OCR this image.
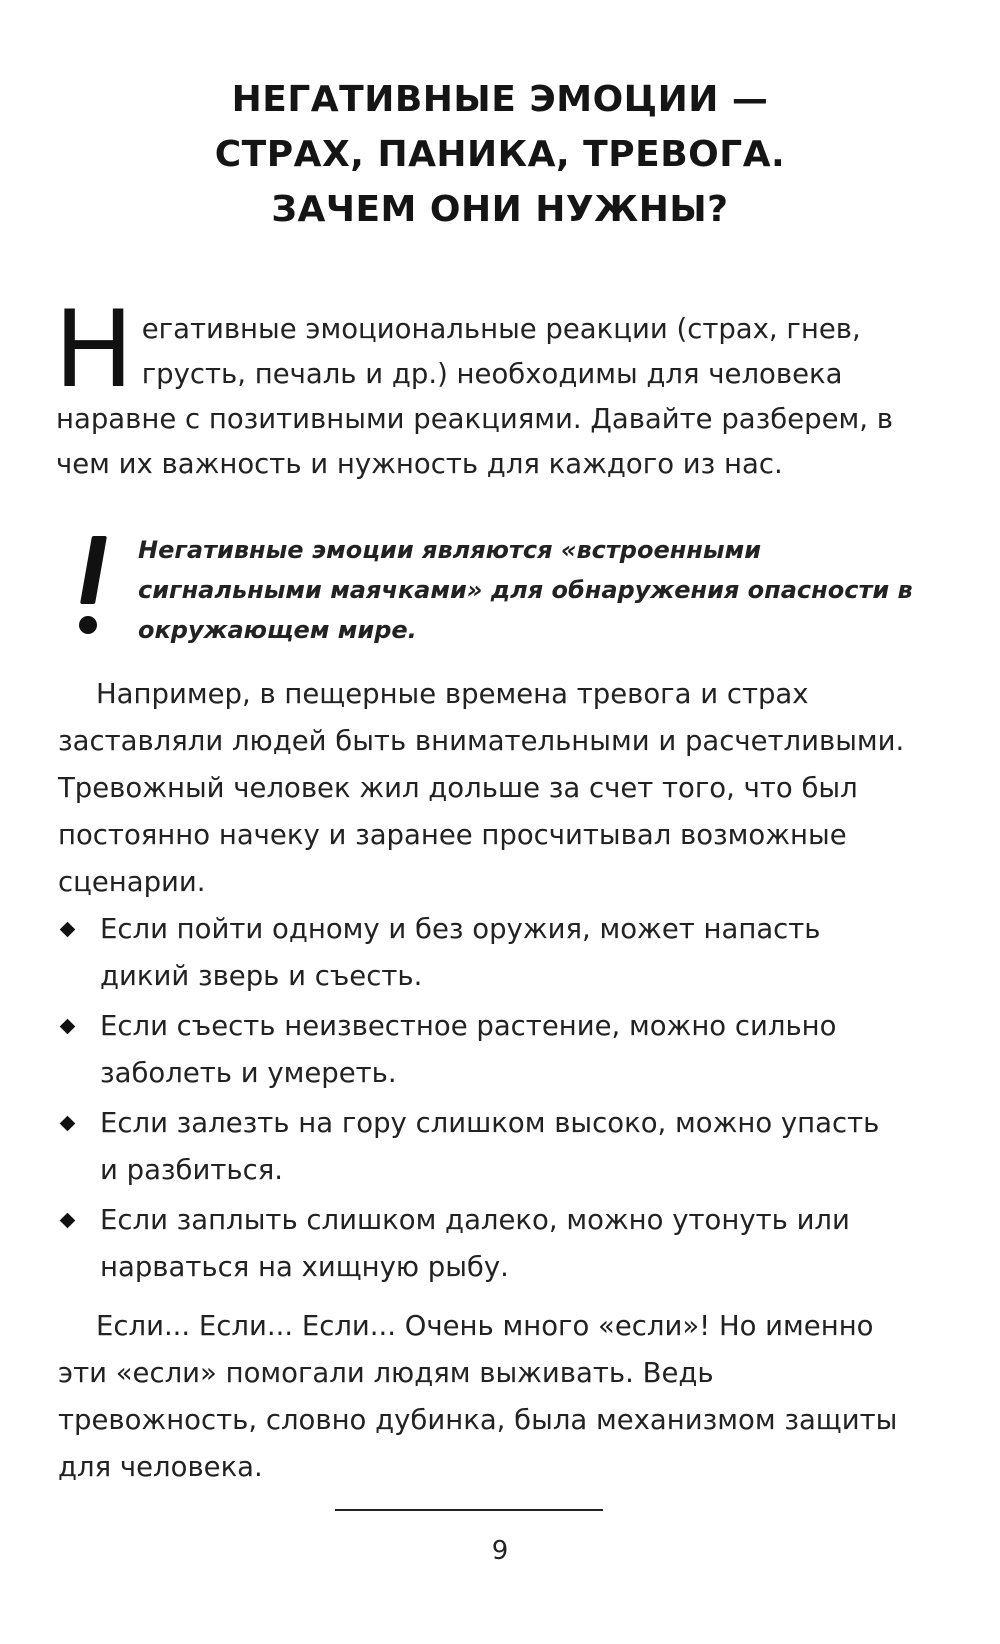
НЕГАТИВНЫЕ ЭМОЦИИ —
СТРАХ, ПАНИКА, ТРЕВОГА.
ЗАЧЕМ ОНИ НУЖНЫ?
Н егативные эмоциональные реакции (страх, гнев, грусть, печаль и др.) необходимы для человека наравне с позитивными реакциями. Давайте разберем, в чем их важность и нужность для каждого из нас.
Негативные эмоции являются «встроенными сигнальными маячками» для обнаружения опасности в окружающем мире.
Например, в пещерные времена тревога и страх заставляли людей быть внимательными и расчетливыми. Тревожный человек жил дольше за счет того, что был постоянно начеку и заранее просчитывал возможные сценарии.
Если пойти одному и без оружия, может напасть дикий зверь и съесть.
Если съесть неизвестное растение, можно сильно заболеть и умереть.
Если залезть на гору слишком высоко, можно упасть и разбиться.
Если заплыть слишком далеко, можно утонуть или нарваться на хищную рыбу.
Если... Если... Если... Очень много «если»! Но именно эти «если» помогали людям выживать. Ведь тревожность, словно дубинка, была механизмом защиты для человека.
9
